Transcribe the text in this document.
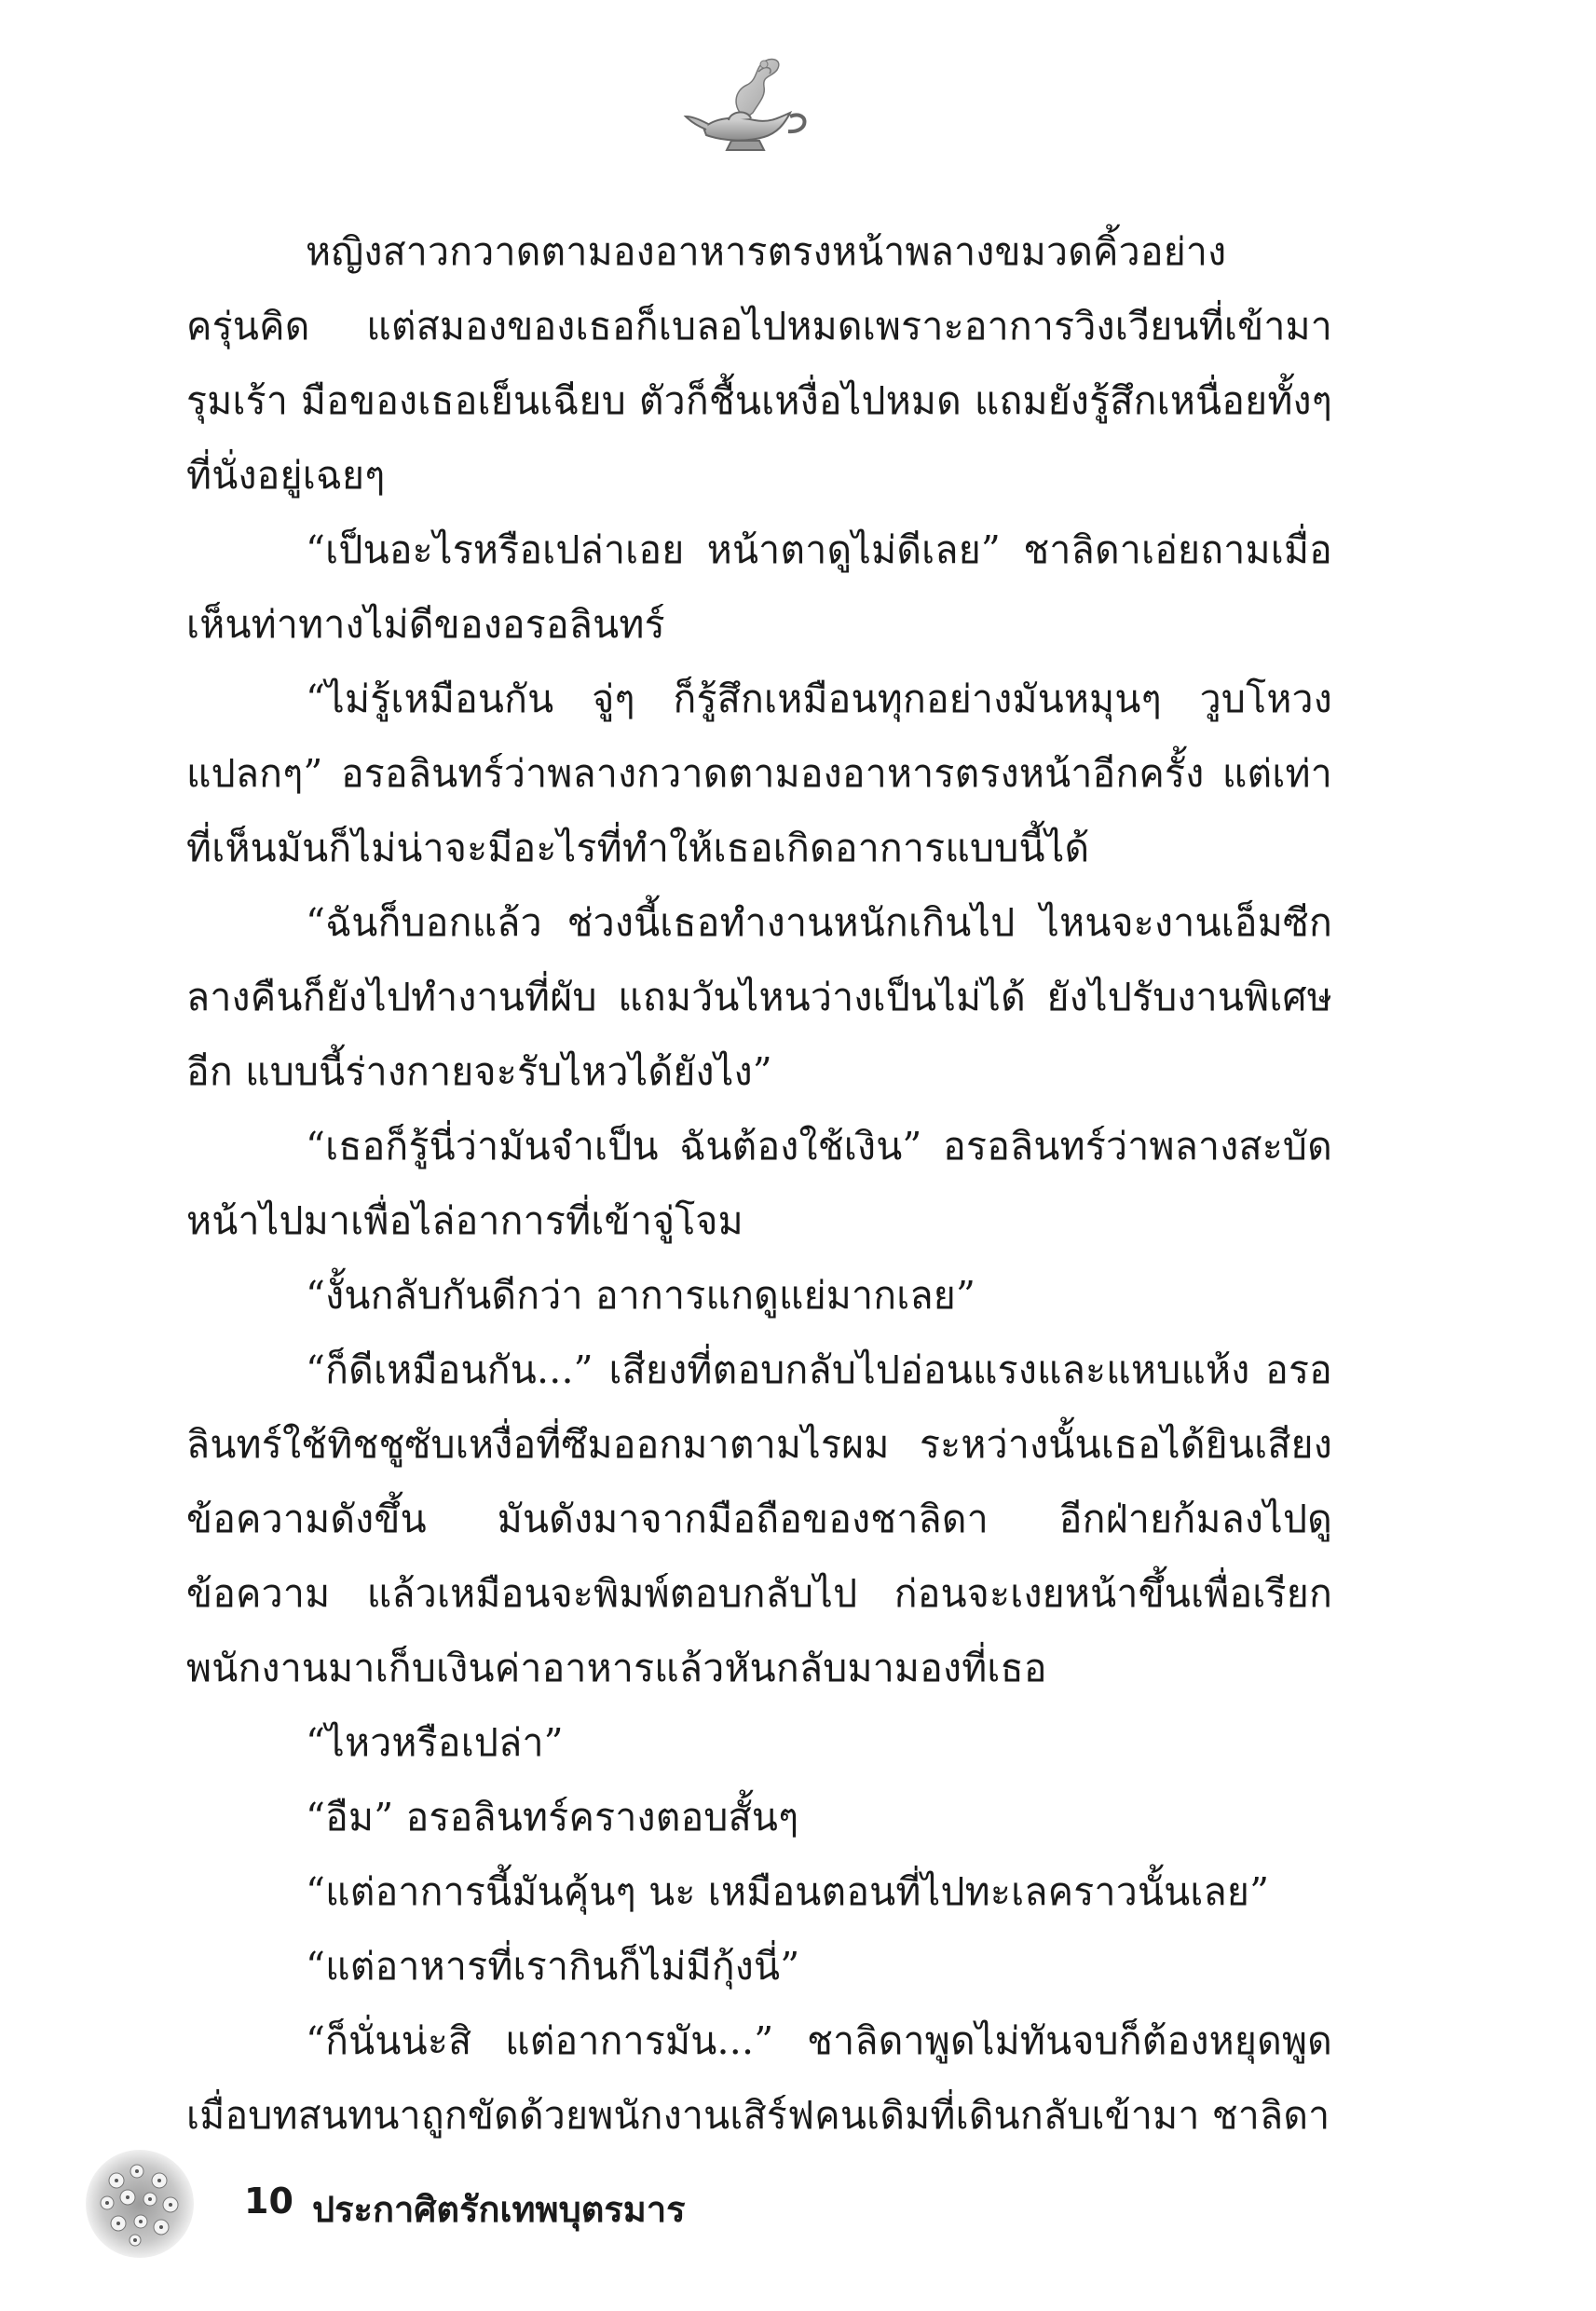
หญิงสาวกวาดตามองอาหารตรงหน้าพลางขมวดคิ้วอย่างครุ่นคิด แต่สมองของเธอก็เบลอไปหมดเพราะอาการวิงเวียนที่เข้ามารุมเร้า มือของเธอเย็นเฉียบ ตัวก็ชื้นเหงื่อไปหมด แถมยังรู้สึกเหนื่อยทั้งๆ ที่นั่งอยู่เฉยๆ

“เป็นอะไรหรือเปล่าเอย หน้าตาดูไม่ดีเลย” ชาลิดาเอ่ยถามเมื่อเห็นท่าทางไม่ดีของอรอลินทร์

“ไม่รู้เหมือนกัน จู่ๆ ก็รู้สึกเหมือนทุกอย่างมันหมุนๆ วูบโหวงแปลกๆ” อรอลินทร์ว่าพลางกวาดตามองอาหารตรงหน้าอีกครั้ง แต่เท่าที่เห็นมันก็ไม่น่าจะมีอะไรที่ทำให้เธอเกิดอาการแบบนี้ได้

“ฉันก็บอกแล้ว ช่วงนี้เธอทำงานหนักเกินไป ไหนจะงานเอ็มซีกลางคืนก็ยังไปทำงานที่ผับ แถมวันไหนว่างเป็นไม่ได้ ยังไปรับงานพิเศษอีก แบบนี้ร่างกายจะรับไหวได้ยังไง”

“เธอก็รู้นี่ว่ามันจำเป็น ฉันต้องใช้เงิน” อรอลินทร์ว่าพลางสะบัดหน้าไปมาเพื่อไล่อาการที่เข้าจู่โจม

“งั้นกลับกันดีกว่า อาการแกดูแย่มากเลย”

“ก็ดีเหมือนกัน...” เสียงที่ตอบกลับไปอ่อนแรงและแหบแห้ง อรอลินทร์ใช้ทิชชูซับเหงื่อที่ซึมออกมาตามไรผม ระหว่างนั้นเธอได้ยินเสียงข้อความดังขึ้น มันดังมาจากมือถือของชาลิดา อีกฝ่ายก้มลงไปดูข้อความ แล้วเหมือนจะพิมพ์ตอบกลับไป ก่อนจะเงยหน้าขึ้นเพื่อเรียกพนักงานมาเก็บเงินค่าอาหารแล้วหันกลับมามองที่เธอ

“ไหวหรือเปล่า”

“อืม” อรอลินทร์ครางตอบสั้นๆ

“แต่อาการนี้มันคุ้นๆ นะ เหมือนตอนที่ไปทะเลคราวนั้นเลย”

“แต่อาหารที่เรากินก็ไม่มีกุ้งนี่”

“ก็นั่นน่ะสิ แต่อาการมัน...” ชาลิดาพูดไม่ทันจบก็ต้องหยุดพูด เมื่อบทสนทนาถูกขัดด้วยพนักงานเสิร์ฟคนเดิมที่เดินกลับเข้ามา ชาลิดา

10 ประกาศิตรักเทพบุตรมาร
